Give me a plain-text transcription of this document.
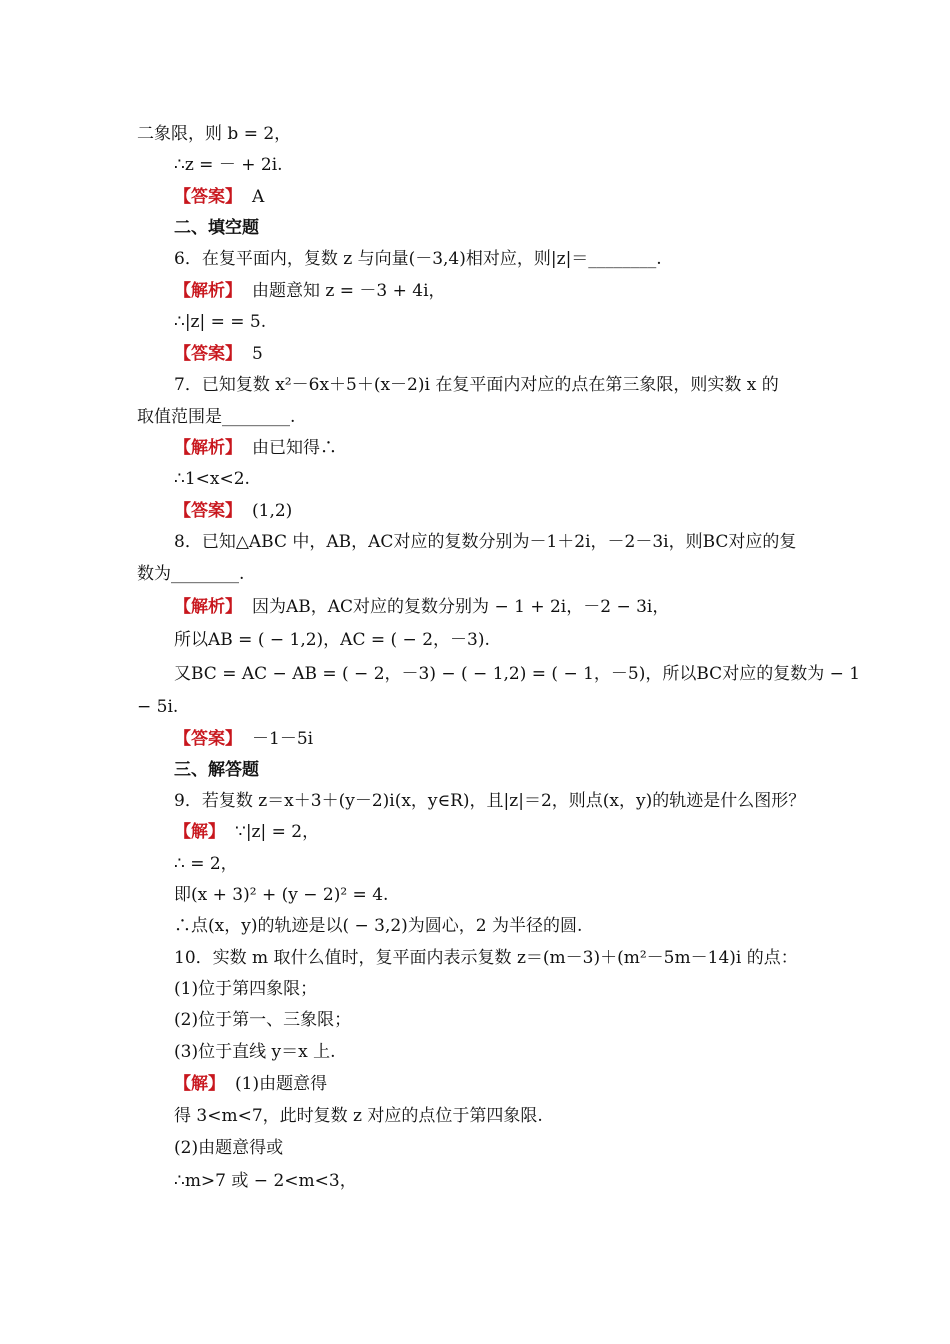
二象限，则 b = 2，
∴z = － + 2i.
【答案】 A
二、填空题
6．在复平面内，复数 z 与向量(－3,4)相对应，则|z|＝________.
【解析】 由题意知 z = －3 + 4i，
∴|z| = = 5.
【答案】 5
7．已知复数 x²－6x＋5＋(x－2)i 在复平面内对应的点在第三象限，则实数 x 的
取值范围是________.
【解析】 由已知得∴
∴1<x<2.
【答案】 (1,2)
8．已知△ABC 中，AB，AC对应的复数分别为－1＋2i，－2－3i，则BC对应的复
数为________.
【解析】 因为AB，AC对应的复数分别为 − 1 + 2i，－2 − 3i，
所以AB = ( − 1,2)，AC = ( − 2，－3).
又BC = AC − AB = ( − 2，－3) − ( − 1,2) = ( − 1，－5)，所以BC对应的复数为 − 1
− 5i.
【答案】 －1－5i
三、解答题
9．若复数 z＝x＋3＋(y－2)i(x，y∈R)，且|z|＝2，则点(x，y)的轨迹是什么图形？
【解】 ∵|z| = 2，
∴ = 2，
即(x + 3)² + (y − 2)² = 4.
∴点(x，y)的轨迹是以( − 3,2)为圆心，2 为半径的圆.
10．实数 m 取什么值时，复平面内表示复数 z＝(m－3)＋(m²－5m－14)i 的点：
(1)位于第四象限；
(2)位于第一、三象限；
(3)位于直线 y＝x 上.
【解】 (1)由题意得
得 3<m<7，此时复数 z 对应的点位于第四象限.
(2)由题意得或
∴m>7 或 − 2<m<3，
